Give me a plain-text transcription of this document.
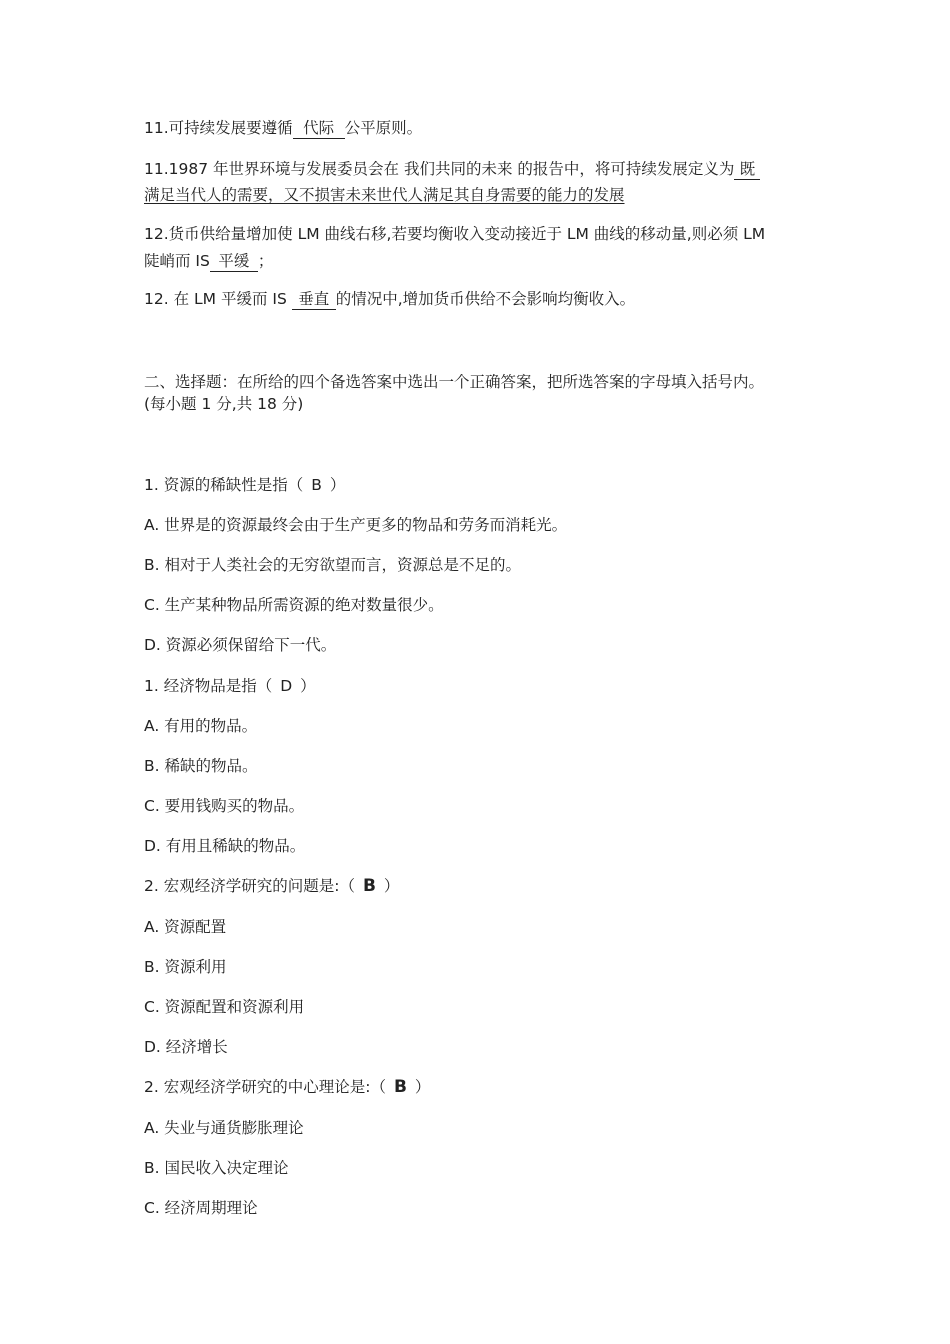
11.可持续发展要遵循 代际 公平原则。
11.1987 年世界环境与发展委员会在 我们共同的未来 的报告中，将可持续发展定义为 既
满足当代人的需要，又不损害未来世代人满足其自身需要的能力的发展
12.货币供给量增加使 LM 曲线右移,若要均衡收入变动接近于 LM 曲线的移动量,则必须 LM
陡峭而 IS 平缓 ；
12. 在 LM 平缓而 IS 垂直 的情况中,增加货币供给不会影响均衡收入。
二、选择题：在所给的四个备选答案中选出一个正确答案，把所选答案的字母填入括号内。
(每小题 1 分,共 18 分)
1. 资源的稀缺性是指（ B ）
A. 世界是的资源最终会由于生产更多的物品和劳务而消耗光。
B. 相对于人类社会的无穷欲望而言，资源总是不足的。
C. 生产某种物品所需资源的绝对数量很少。
D. 资源必须保留给下一代。
1. 经济物品是指（ D ）
A. 有用的物品。
B. 稀缺的物品。
C. 要用钱购买的物品。
D. 有用且稀缺的物品。
2. 宏观经济学研究的问题是:（ B ）
A. 资源配置
B. 资源利用
C. 资源配置和资源利用
D. 经济增长
2. 宏观经济学研究的中心理论是:（ B ）
A. 失业与通货膨胀理论
B. 国民收入决定理论
C. 经济周期理论
